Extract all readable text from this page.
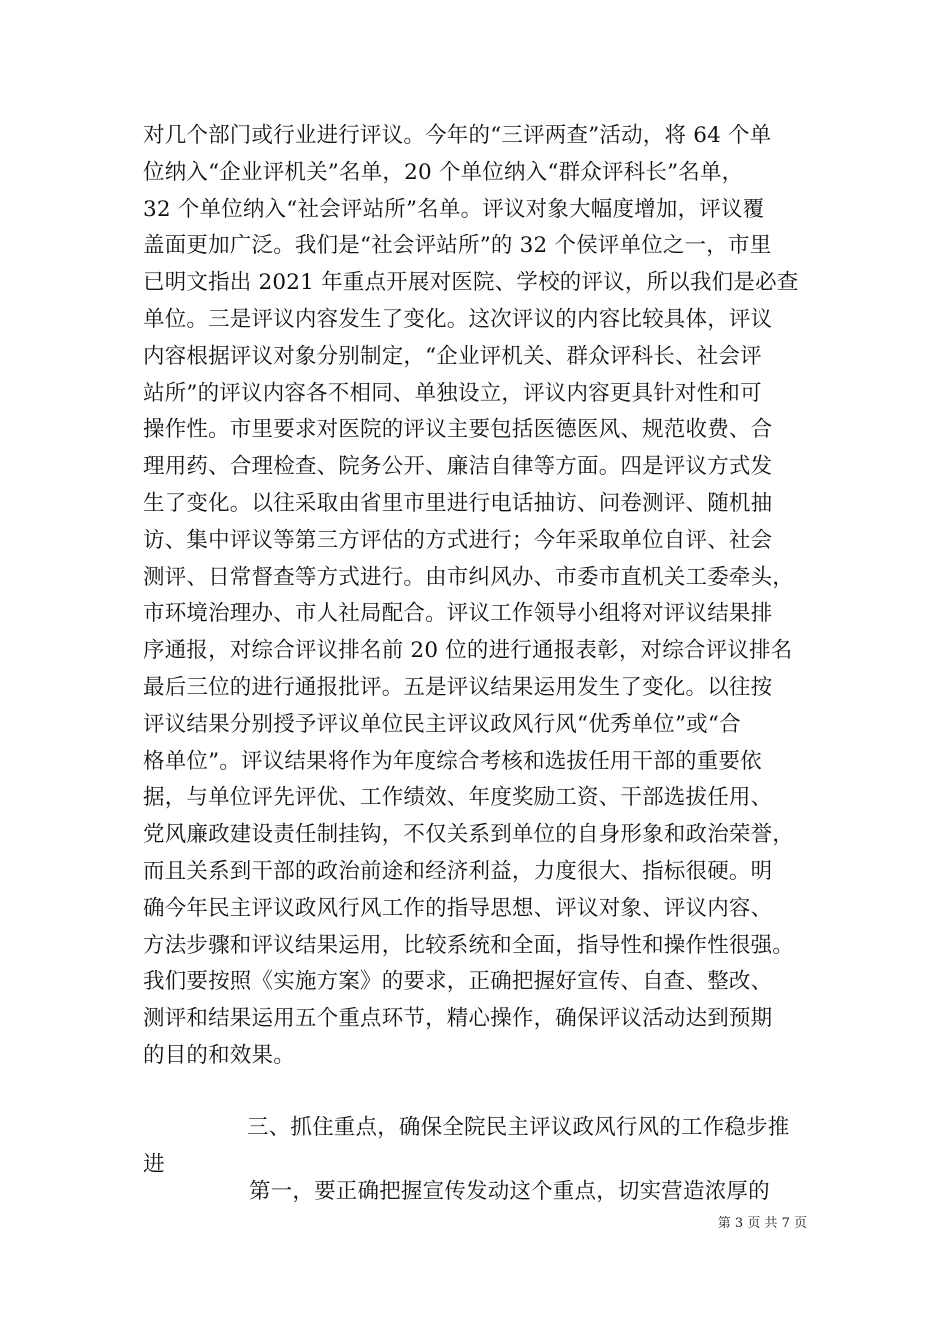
对几个部门或行业进行评议。今年的“三评两查”活动，将 64 个单
位纳入“企业评机关”名单，20 个单位纳入“群众评科长”名单，
32 个单位纳入“社会评站所”名单。评议对象大幅度增加，评议覆
盖面更加广泛。我们是“社会评站所”的 32 个侯评单位之一，市里
已明文指出 2021 年重点开展对医院、学校的评议，所以我们是必查
单位。三是评议内容发生了变化。这次评议的内容比较具体，评议
内容根据评议对象分别制定，“企业评机关、群众评科长、社会评
站所”的评议内容各不相同、单独设立，评议内容更具针对性和可
操作性。市里要求对医院的评议主要包括医德医风、规范收费、合
理用药、合理检查、院务公开、廉洁自律等方面。四是评议方式发
生了变化。以往采取由省里市里进行电话抽访、问卷测评、随机抽
访、集中评议等第三方评估的方式进行；今年采取单位自评、社会
测评、日常督查等方式进行。由市纠风办、市委市直机关工委牵头，
市环境治理办、市人社局配合。评议工作领导小组将对评议结果排
序通报，对综合评议排名前 20 位的进行通报表彰，对综合评议排名
最后三位的进行通报批评。五是评议结果运用发生了变化。以往按
评议结果分别授予评议单位民主评议政风行风“优秀单位”或“合
格单位”。评议结果将作为年度综合考核和选拔任用干部的重要依
据，与单位评先评优、工作绩效、年度奖励工资、干部选拔任用、
党风廉政建设责任制挂钩，不仅关系到单位的自身形象和政治荣誉，
而且关系到干部的政治前途和经济利益，力度很大、指标很硬。明
确今年民主评议政风行风工作的指导思想、评议对象、评议内容、
方法步骤和评议结果运用，比较系统和全面，指导性和操作性很强。
我们要按照《实施方案》的要求，正确把握好宣传、自查、整改、
测评和结果运用五个重点环节，精心操作，确保评议活动达到预期
的目的和效果。
三、抓住重点，确保全院民主评议政风行风的工作稳步推
进
第一，要正确把握宣传发动这个重点，切实营造浓厚的
第 3 页 共 7 页
